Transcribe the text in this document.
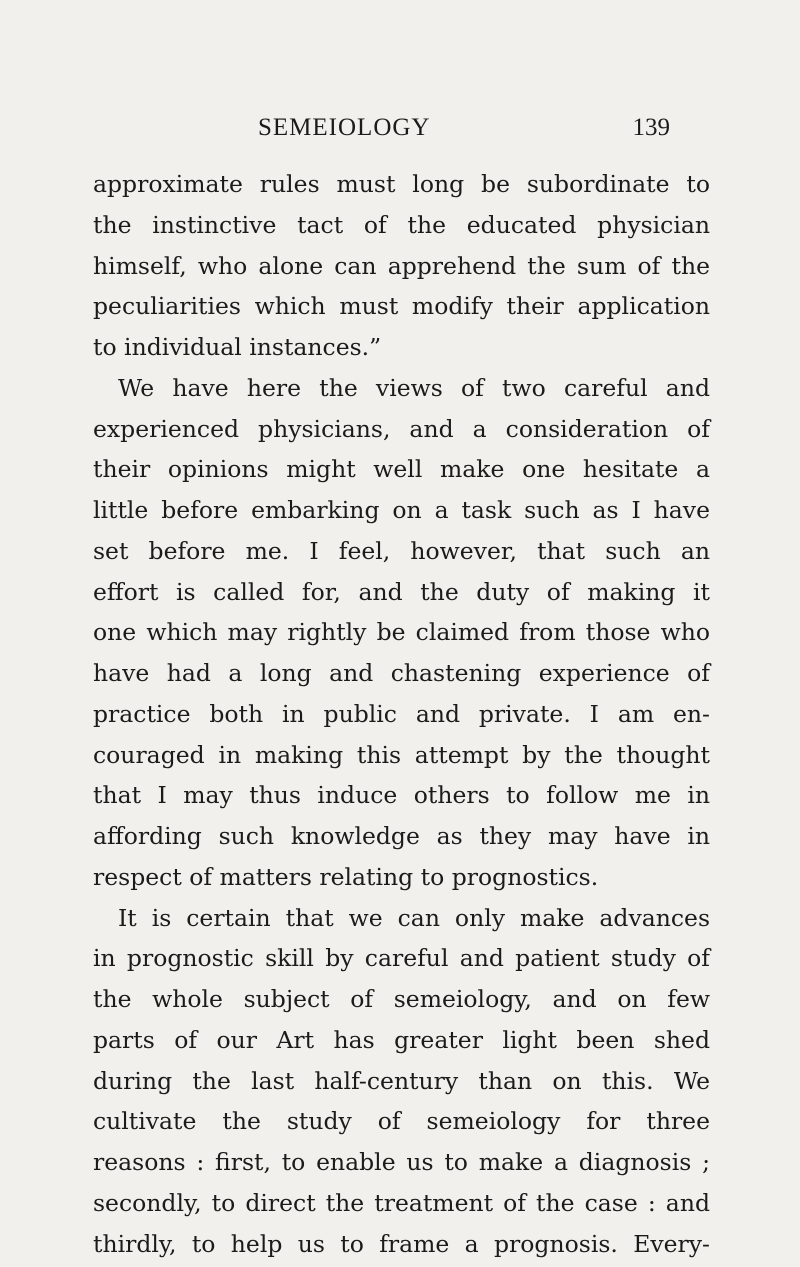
SEMEIOLOGY	139
approximate rules must long be subordinate to
the instinctive tact of the educated physician
himself, who alone can apprehend the sum of the
peculiarities which must modify their application
to individual instances.”
We have here the views of two careful and
experienced physicians, and a consideration of
their opinions might well make one hesitate a
little before embarking on a task such as I have
set before me. I feel, however, that such an
effort is called for, and the duty of making it
one which may rightly be claimed from those who
have had a long and chastening experience of
practice both in public and private. I am en-
couraged in making this attempt by the thought
that I may thus induce others to follow me in
affording such knowledge as they may have in
respect of matters relating to prognostics.
It is certain that we can only make advances
in prognostic skill by careful and patient study of
the whole subject of semeiology, and on few
parts of our Art has greater light been shed
during the last half-century than on this. We
cultivate the study of semeiology for three
reasons : first, to enable us to make a diagnosis ;
secondly, to direct the treatment of the case : and
thirdly, to help us to frame a prognosis. Every-
